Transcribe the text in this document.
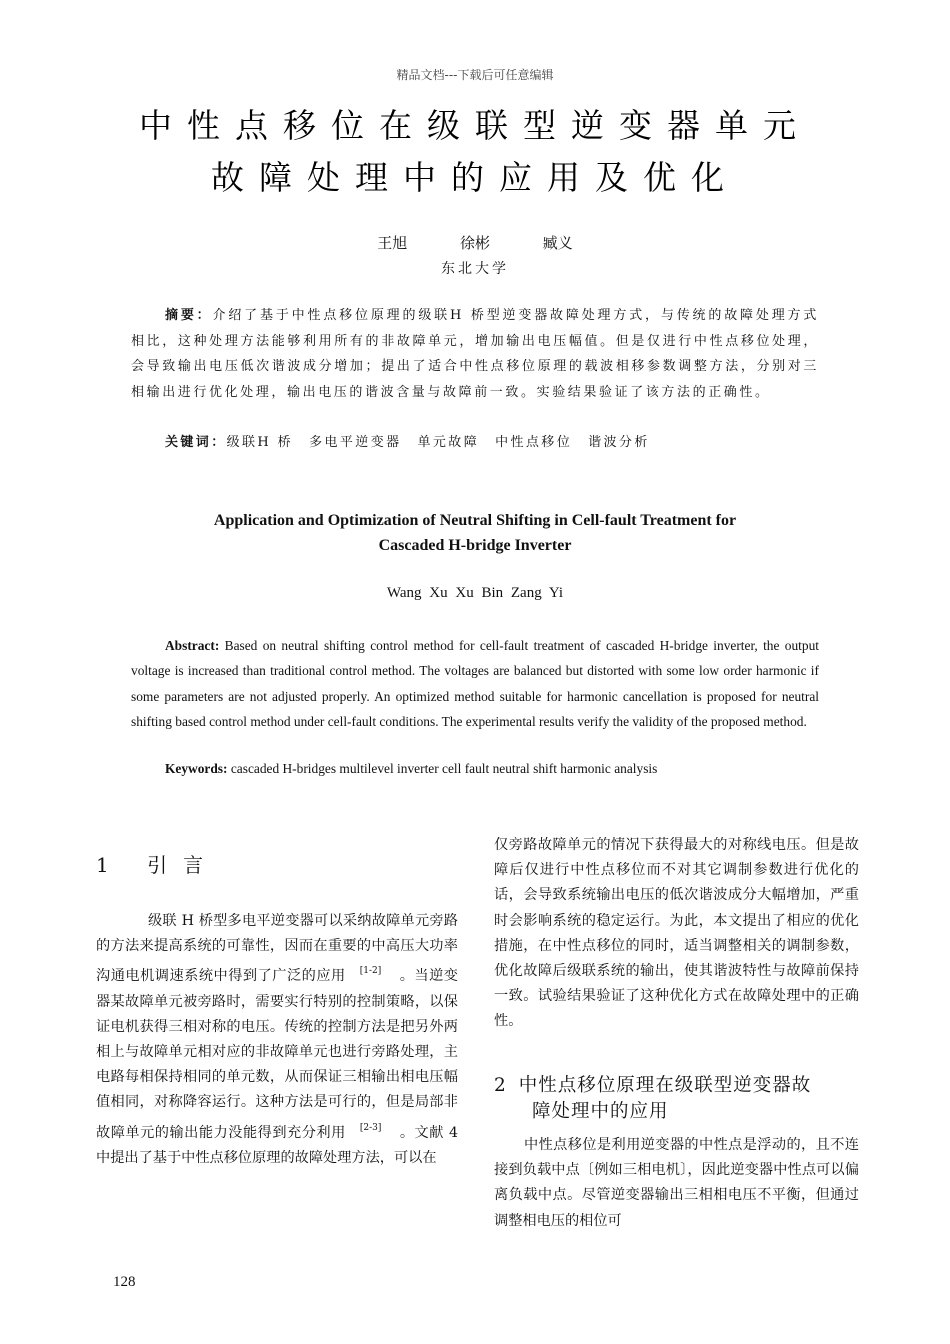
精品文档---下载后可任意编辑
中性点移位在级联型逆变器单元
故障处理中的应用及优化
王旭	徐彬	臧义
东北大学
摘要：介绍了基于中性点移位原理的级联H 桥型逆变器故障处理方式，与传统的故障处理方式相比，这种处理方法能够利用所有的非故障单元，增加输出电压幅值。但是仅进行中性点移位处理，会导致输出电压低次谐波成分增加；提出了适合中性点移位原理的载波相移参数调整方法，分别对三相输出进行优化处理，输出电压的谐波含量与故障前一致。实验结果验证了该方法的正确性。
关键词：级联H 桥 多电平逆变器 单元故障 中性点移位 谐波分析
Application and Optimization of Neutral Shifting in Cell-fault Treatment for
Cascaded H-bridge Inverter
Wang Xu Xu Bin Zang Yi
Abstract: Based on neutral shifting control method for cell-fault treatment of cascaded H-bridge inverter, the output voltage is increased than traditional control method. The voltages are balanced but distorted with some low order harmonic if some parameters are not adjusted properly. An optimized method suitable for harmonic cancellation is proposed for neutral shifting based control method under cell-fault conditions. The experimental results verify the validity of the proposed method.
Keywords: cascaded H-bridges multilevel inverter cell fault neutral shift harmonic analysis
1 引言
级联 H 桥型多电平逆变器可以采纳故障单元旁路的方法来提高系统的可靠性，因而在重要的中高压大功率沟通电机调速系统中得到了广泛的应用 [1-2] 。当逆变器某故障单元被旁路时，需要实行特别的控制策略，以保证电机获得三相对称的电压。传统的控制方法是把另外两相上与故障单元相对应的非故障单元也进行旁路处理，主电路每相保持相同的单元数，从而保证三相输出相电压幅值相同，对称降容运行。这种方法是可行的，但是局部非故障单元的输出能力没能得到充分利用 [2-3] 。文献 4 中提出了基于中性点移位原理的故障处理方法，可以在
仅旁路故障单元的情况下获得最大的对称线电压。但是故障后仅进行中性点移位而不对其它调制参数进行优化的话，会导致系统输出电压的低次谐波成分大幅增加，严重时会影响系统的稳定运行。为此，本文提出了相应的优化措施，在中性点移位的同时，适当调整相关的调制参数，优化故障后级联系统的输出，使其谐波特性与故障前保持一致。试验结果验证了这种优化方式在故障处理中的正确性。
2 中性点移位原理在级联型逆变器故
障处理中的应用
中性点移位是利用逆变器的中性点是浮动的，且不连接到负载中点〔例如三相电机〕，因此逆变器中性点可以偏离负载中点。尽管逆变器输出三相相电压不平衡，但通过调整相电压的相位可
128
